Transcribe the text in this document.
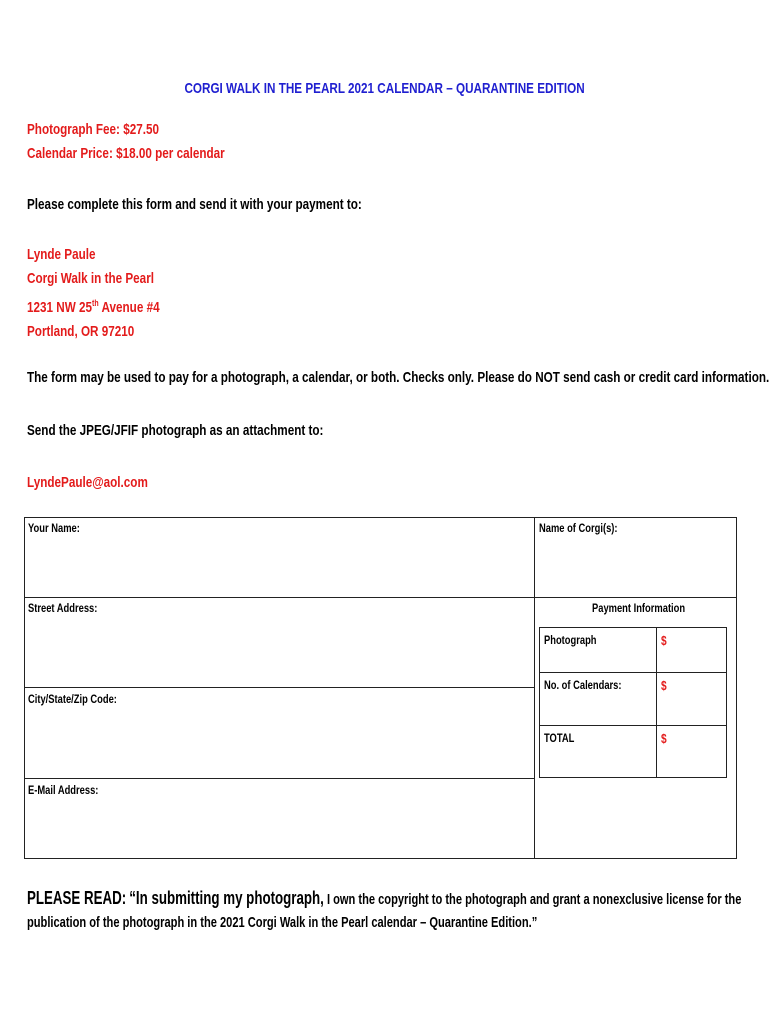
CORGI WALK IN THE PEARL 2021 CALENDAR – QUARANTINE EDITION
Photograph Fee: $27.50
Calendar Price: $18.00 per calendar
Please complete this form and send it with your payment to:
Lynde Paule
Corgi Walk in the Pearl
1231 NW 25th Avenue #4
Portland, OR 97210
The form may be used to pay for a photograph, a calendar, or both. Checks only. Please do NOT send cash or credit card information.
Send the JPEG/JFIF photograph as an attachment to:
LyndePaule@aol.com
Your Name:	Name of Corgi(s):
Street Address:	Payment Information
City/State/Zip Code:
E-Mail Address:
Photograph	$
No. of Calendars:	$
TOTAL	$
PLEASE READ: “In submitting my photograph, I own the copyright to the photograph and grant a nonexclusive license for the
publication of the photograph in the 2021 Corgi Walk in the Pearl calendar – Quarantine Edition.”
